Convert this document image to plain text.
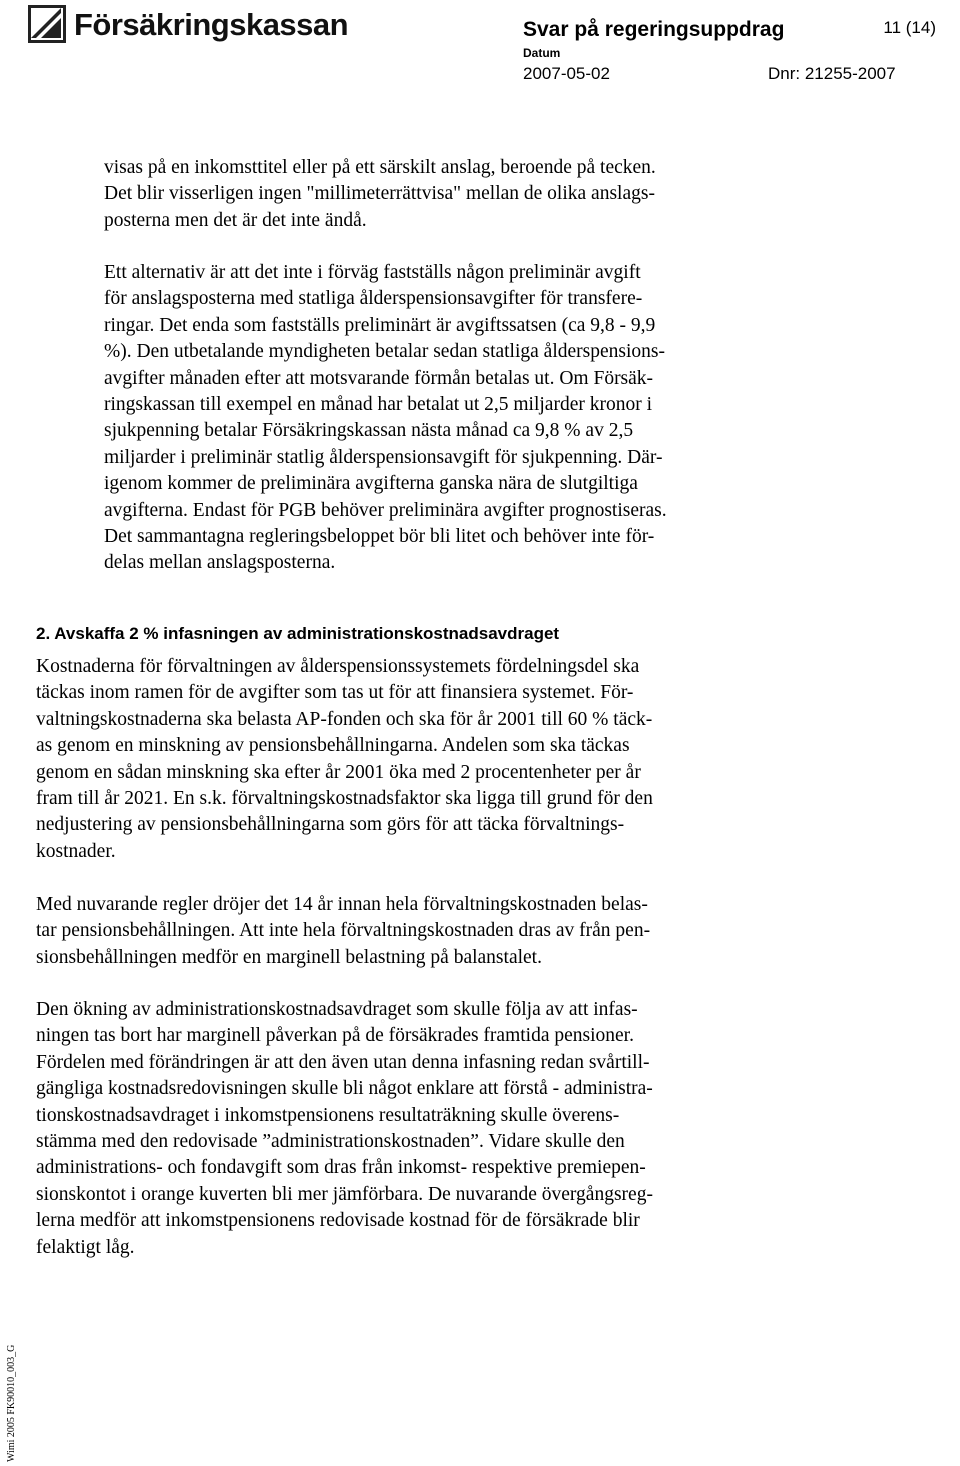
Försäkringskassan	Svar på regeringsuppdrag	11 (14)
Datum
2007-05-02	Dnr: 21255-2007
visas på en inkomsttitel eller på ett särskilt anslag, beroende på tecken.
Det blir visserligen ingen "millimeterrättvisa" mellan de olika anslags-
posterna men det är det inte ändå.
Ett alternativ är att det inte i förväg fastställs någon preliminär avgift
för anslagsposterna med statliga ålderspensionsavgifter för transfere-
ringar. Det enda som fastställs preliminärt är avgiftssatsen (ca 9,8 - 9,9
%). Den utbetalande myndigheten betalar sedan statliga ålderspensions-
avgifter månaden efter att motsvarande förmån betalas ut. Om Försäk-
ringskassan till exempel en månad har betalat ut 2,5 miljarder kronor i
sjukpenning betalar Försäkringskassan nästa månad ca 9,8 % av 2,5
miljarder i preliminär statlig ålderspensionsavgift för sjukpenning. Där-
igenom kommer de preliminära avgifterna ganska nära de slutgiltiga
avgifterna. Endast för PGB behöver preliminära avgifter prognostiseras.
Det sammantagna regleringsbeloppet bör bli litet och behöver inte för-
delas mellan anslagsposterna.
2. Avskaffa 2 % infasningen av administrationskostnadsavdraget
Kostnaderna för förvaltningen av ålderspensionssystemets fördelningsdel ska
täckas inom ramen för de avgifter som tas ut för att finansiera systemet. För-
valtningskostnaderna ska belasta AP-fonden och ska för år 2001 till 60 % täck-
as genom en minskning av pensionsbehållningarna. Andelen som ska täckas
genom en sådan minskning ska efter år 2001 öka med 2 procentenheter per år
fram till år 2021. En s.k. förvaltningskostnadsfaktor ska ligga till grund för den
nedjustering av pensionsbehållningarna som görs för att täcka förvaltnings-
kostnader.
Med nuvarande regler dröjer det 14 år innan hela förvaltningskostnaden belas-
tar pensionsbehållningen. Att inte hela förvaltningskostnaden dras av från pen-
sionsbehållningen medför en marginell belastning på balanstalet.
Den ökning av administrationskostnadsavdraget som skulle följa av att infas-
ningen tas bort har marginell påverkan på de försäkrades framtida pensioner.
Fördelen med förändringen är att den även utan denna infasning redan svårtill-
gängliga kostnadsredovisningen skulle bli något enklare att förstå - administra-
tionskostnadsavdraget i inkomstpensionens resultaträkning skulle överens-
stämma med den redovisade ”administrationskostnaden”. Vidare skulle den
administrations- och fondavgift som dras från inkomst- respektive premiepen-
sionskontot i orange kuverten bli mer jämförbara. De nuvarande övergångsreg-
lerna medför att inkomstpensionens redovisade kostnad för de försäkrade blir
felaktigt låg.
Wimi 2005 FK90010_003_G
